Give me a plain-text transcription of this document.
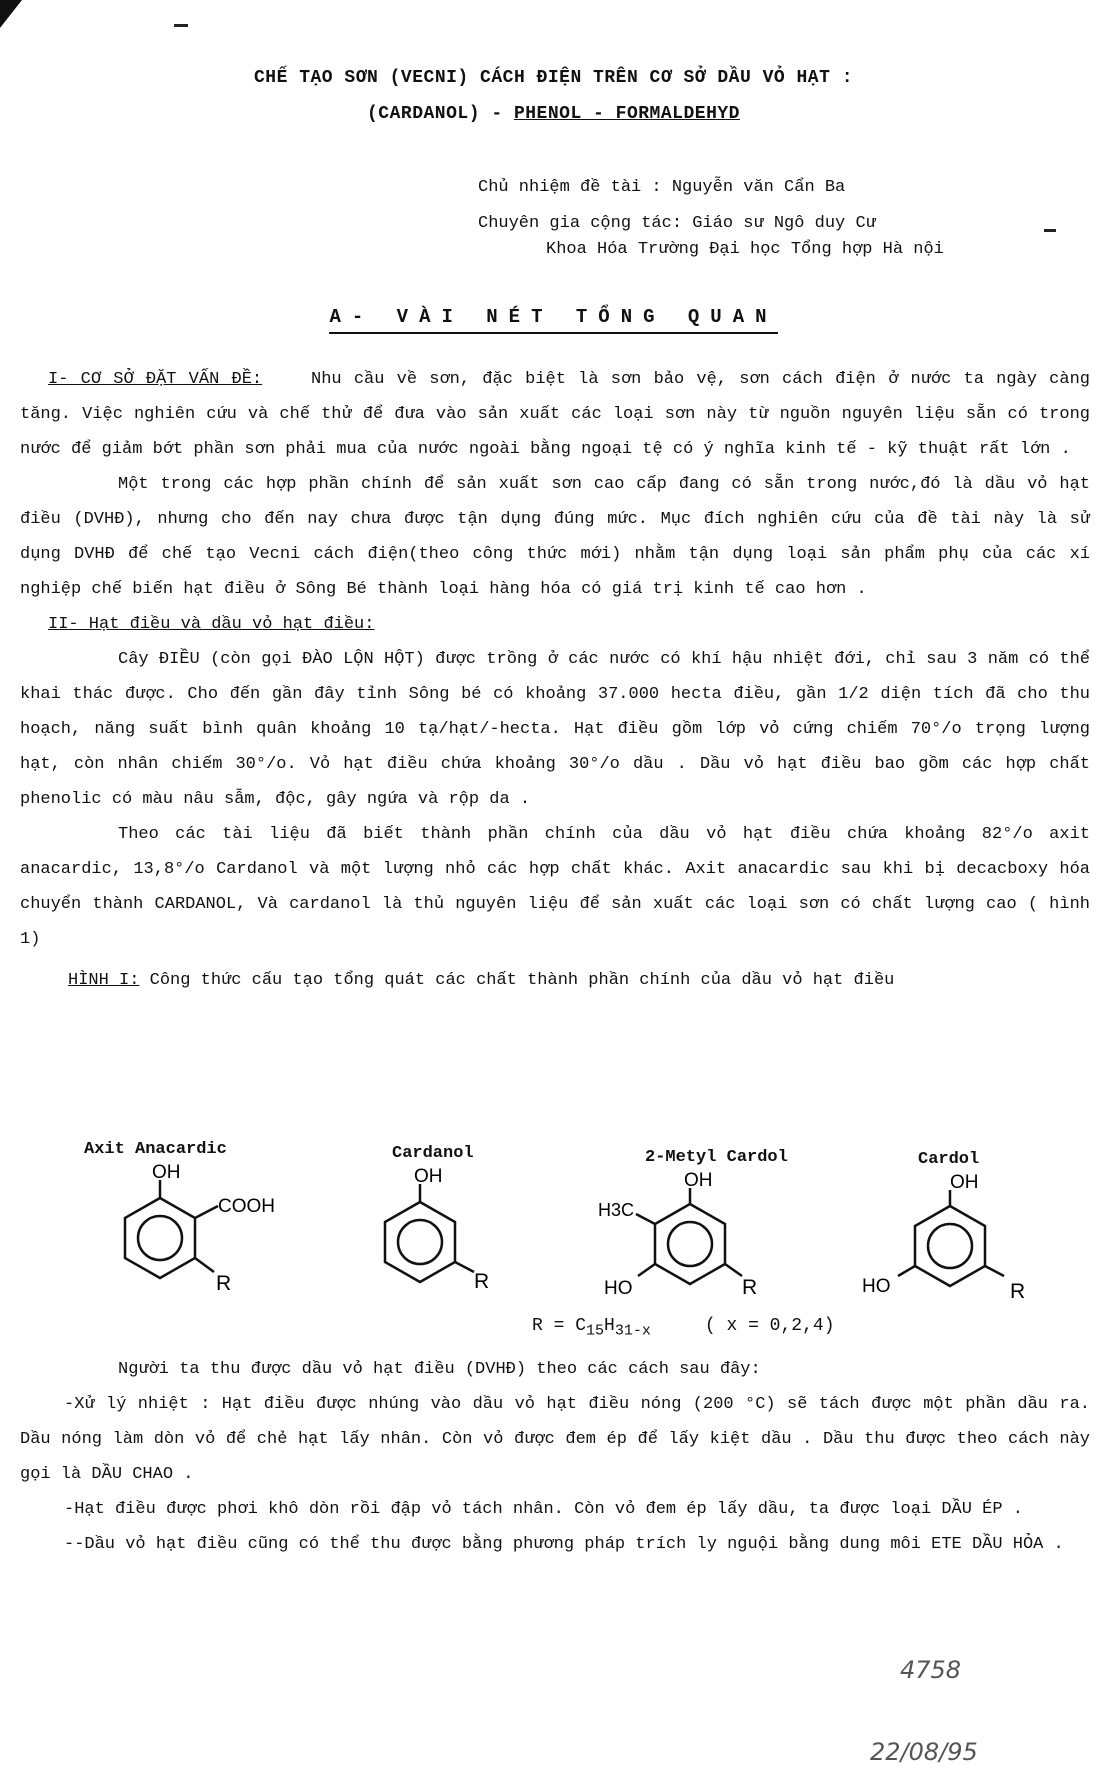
CHẾ TẠO SƠN (VECNI) CÁCH ĐIỆN TRÊN CƠ SỞ DẦU VỎ HẠT :
(CARDANOL) - PHENOL - FORMALDEHYD
Chủ nhiệm đề tài : Nguyễn văn Cẩn Ba
Chuyên gia cộng tác: Giáo sư Ngô duy Cư
Khoa Hóa Trường Đại học Tổng hợp Hà nội
A- VÀI NÉT TỔNG QUAN

I- CƠ SỞ ĐẶT VẤN ĐỀ:	Nhu cầu về sơn, đặc biệt là sơn bảo vệ, sơn cách điện ở nước ta ngày càng tăng. Việc nghiên cứu và chế thử để đưa vào sản xuất các loại sơn này từ nguồn nguyên liệu sẵn có trong nước để giảm bớt phần sơn phải mua của nước ngoài bằng ngoại tệ có ý nghĩa kinh tế - kỹ thuật rất lớn .

Một trong các hợp phần chính để sản xuất sơn cao cấp đang có sẵn trong nước,đó là dầu vỏ hạt điều (DVHĐ), nhưng cho đến nay chưa được tận dụng đúng mức. Mục đích nghiên cứu của đề tài này là sử dụng DVHĐ để chế tạo Vecni cách điện(theo công thức mới) nhằm tận dụng loại sản phẩm phụ của các xí nghiệp chế biến hạt điều ở Sông Bé thành loại hàng hóa có giá trị kinh tế cao hơn .

II- Hạt điều và dầu vỏ hạt điều:

Cây ĐIỀU (còn gọi ĐÀO LỘN HỘT) được trồng ở các nước có khí hậu nhiệt đới, chỉ sau 3 năm có thể khai thác được. Cho đến gần đây tỉnh Sông bé có khoảng 37.000 hecta điều, gần 1/2 diện tích đã cho thu hoạch, năng suất bình quân khoảng 10 tạ/hạt/-hecta. Hạt điều gồm lớp vỏ cứng chiếm 70°/o trọng lượng hạt, còn nhân chiếm 30°/o. Vỏ hạt điều chứa khoảng 30°/o dầu . Dầu vỏ hạt điều bao gồm các hợp chất phenolic có màu nâu sẫm, độc, gây ngứa và rộp da .

Theo các tài liệu đã biết thành phần chính của dầu vỏ hạt điều chứa khoảng 82°/o axit anacardic, 13,8°/o Cardanol và một lượng nhỏ các hợp chất khác. Axit anacardic sau khi bị decacboxy hóa chuyển thành CARDANOL, Và cardanol là thủ nguyên liệu để sản xuất các loại sơn có chất lượng cao ( hình 1)

HÌNH I: Công thức cấu tạo tổng quát các chất thành phần chính của dầu vỏ hạt điều

Axit Anacardic	Cardanol	2-Metyl Cardol	Cardol
OH
COOH
R
OH
R
OH
H3C
HO	R
OH
HO	R
$R = C_{15}H_{31-x}$	( x = 0,2,4)

Người ta thu được dầu vỏ hạt điều (DVHĐ) theo các cách sau đây:

-Xử lý nhiệt : Hạt điều được nhúng vào dầu vỏ hạt điều nóng (200 °C) sẽ tách được một phần dầu ra. Dầu nóng làm dòn vỏ để chẻ hạt lấy nhân. Còn vỏ được đem ép để lấy kiệt dầu . Dầu thu được theo cách này gọi là DẦU CHAO .

-Hạt điều được phơi khô dòn rồi đập vỏ tách nhân. Còn vỏ đem ép lấy dầu, ta được loại DẦU ÉP .

--Dầu vỏ hạt điều cũng có thể thu được bằng phương pháp trích ly nguội bằng dung môi ETE DẦU HỎA .

4758
22/08/95
